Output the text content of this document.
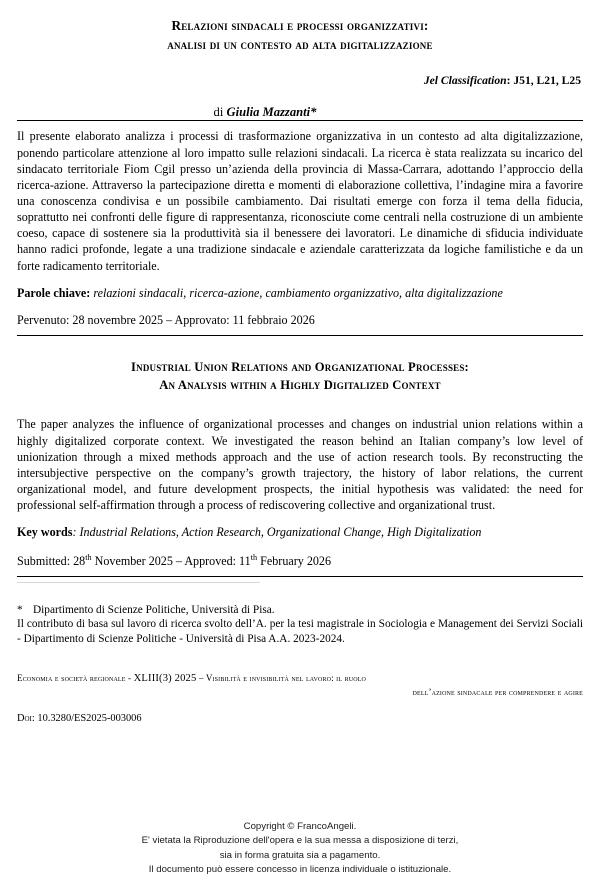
Relazioni sindacali e processi organizzativi:
analisi di un contesto ad alta digitalizzazione
Jel Classification: J51, L21, L25
di Giulia Mazzanti*

Il presente elaborato analizza i processi di trasformazione organizzativa in un contesto ad alta digitalizzazione, ponendo particolare attenzione al loro impatto sulle relazioni sindacali. La ricerca è stata realizzata su incarico del sindacato territoriale Fiom Cgil presso un’azienda della provincia di Massa-Carrara, adottando l’approccio della ricerca-azione. Attraverso la partecipazione diretta e momenti di elaborazione collettiva, l’indagine mira a favorire una conoscenza condivisa e un possibile cambiamento. Dai risultati emerge con forza il tema della fiducia, soprattutto nei confronti delle figure di rappresentanza, riconosciute come centrali nella costruzione di un ambiente coeso, capace di sostenere sia la produttività sia il benessere dei lavoratori. Le dinamiche di sfiducia individuate hanno radici profonde, legate a una tradizione sindacale e aziendale caratterizzata da logiche familistiche e da un forte radicamento territoriale.

Parole chiave: relazioni sindacali, ricerca-azione, cambiamento organizzativo, alta digitalizzazione

Pervenuto: 28 novembre 2025 – Approvato: 11 febbraio 2026

Industrial Union Relations and Organizational Processes:
An Analysis within a Highly Digitalized Context

The paper analyzes the influence of organizational processes and changes on industrial union relations within a highly digitalized corporate context. We investigated the reason behind an Italian company’s low level of unionization through a mixed methods approach and the use of action research tools. By reconstructing the intersubjective perspective on the company’s growth trajectory, the history of labor relations, the current organizational model, and future development prospects, the initial hypothesis was validated: the need for professional self-affirmation through a process of rediscovering collective and organizational trust.

Key words: Industrial Relations, Action Research, Organizational Change, High Digitalization

Submitted: 28th November 2025 – Approved: 11th February 2026

* Dipartimento di Scienze Politiche, Università di Pisa.
Il contributo di basa sul lavoro di ricerca svolto dell’A. per la tesi magistrale in Sociologia e Management dei Servizi Sociali - Dipartimento di Scienze Politiche - Università di Pisa A.A. 2023-2024.
Economia e società regionale - XLIII(3) 2025 – Visibilità e invisibilità nel lavoro: il ruolo
dell’azione sindacale per comprendere e agire
Doi: 10.3280/ES2025-003006
Copyright © FrancoAngeli.
E' vietata la Riproduzione dell'opera e la sua messa a disposizione di terzi,
sia in forma gratuita sia a pagamento.
Il documento può essere concesso in licenza individuale o istituzionale.
